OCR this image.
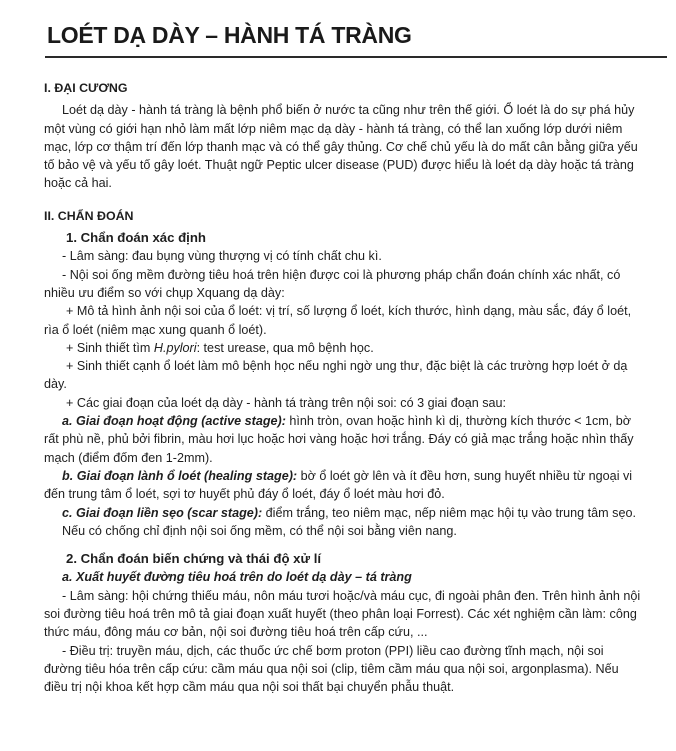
LOÉT DẠ DÀY – HÀNH TÁ TRÀNG

I. ĐẠI CƯƠNG

Loét dạ dày - hành tá tràng là bệnh phổ biến ở nước ta cũng như trên thế giới. Ổ loét là do sự phá hủy một vùng có giới hạn nhỏ làm mất lớp niêm mạc dạ dày - hành tá tràng, có thể lan xuống lớp dưới niêm mạc, lớp cơ thậm trí đến lớp thanh mạc và có thể gây thủng. Cơ chế chủ yếu là do mất cân bằng giữa yếu tố bảo vệ và yếu tố gây loét. Thuật ngữ Peptic ulcer disease (PUD) được hiểu là loét dạ dày hoặc tá tràng hoặc cả hai.

II. CHẨN ĐOÁN

1. Chẩn đoán xác định

- Lâm sàng: đau bụng vùng thượng vị có tính chất chu kì.

- Nội soi ống mềm đường tiêu hoá trên hiện được coi là phương pháp chẩn đoán chính xác nhất, có nhiều ưu điểm so với chụp Xquang dạ dày:

+ Mô tả hình ảnh nội soi của ổ loét: vị trí, số lượng ổ loét, kích thước, hình dạng, màu sắc, đáy ổ loét, rìa ổ loét (niêm mạc xung quanh ổ loét).

+ Sinh thiết tìm H.pylori: test urease, qua mô bệnh học.

+ Sinh thiết cạnh ổ loét làm mô bệnh học nếu nghi ngờ ung thư, đặc biệt là các trường hợp loét ở dạ dày.

+ Các giai đoạn của loét dạ dày - hành tá tràng trên nội soi: có 3 giai đoạn sau:

a. Giai đoạn hoạt động (active stage): hình tròn, ovan hoặc hình kì dị, thường kích thước < 1cm, bờ rất phù nề, phủ bởi fibrin, màu hơi lục hoặc hơi vàng hoặc hơi trắng. Đáy có giả mạc trắng hoặc nhìn thấy mạch (điểm đốm đen 1-2mm).

b. Giai đoạn lành ổ loét (healing stage): bờ ổ loét gờ lên và ít đều hơn, sung huyết nhiều từ ngoại vi đến trung tâm ổ loét, sợi tơ huyết phủ đáy ổ loét, đáy ổ loét màu hơi đỏ.

c. Giai đoạn liền sẹo (scar stage): điểm trắng, teo niêm mạc, nếp niêm mạc hội tụ vào trung tâm sẹo.

Nếu có chống chỉ định nội soi ống mềm, có thể nội soi bằng viên nang.

2. Chẩn đoán biến chứng và thái độ xử lí

a. Xuất huyết đường tiêu hoá trên do loét dạ dày – tá tràng

- Lâm sàng: hội chứng thiếu máu, nôn máu tươi hoặc/và máu cục, đi ngoài phân đen. Trên hình ảnh nội soi đường tiêu hoá trên mô tả giai đoạn xuất huyết (theo phân loại Forrest). Các xét nghiệm cần làm: công thức máu, đông máu cơ bản, nội soi đường tiêu hoá trên cấp cứu, ...

- Điều trị: truyền máu, dịch, các thuốc ức chế bơm proton (PPI) liều cao đường tĩnh mạch, nội soi đường tiêu hóa trên cấp cứu: cầm máu qua nội soi (clip, tiêm cầm máu qua nội soi, argonplasma). Nếu điều trị nội khoa kết hợp cầm máu qua nội soi thất bại chuyển phẫu thuật.
